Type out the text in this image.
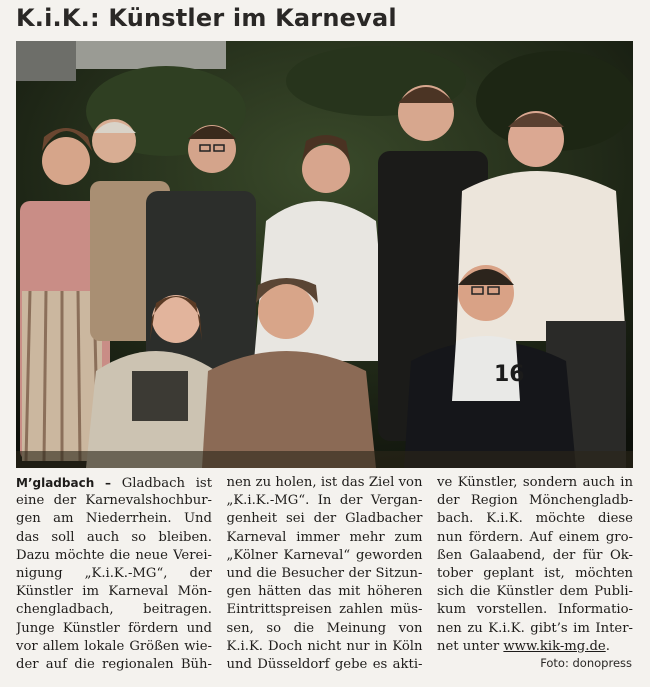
K.i.K.: Künstler im Karneval
16
M’gladbach – Gladbach ist
eine der Karnevalshochbur-
gen am Niederrhein. Und
das soll auch so bleiben.
Dazu möchte die neue Verei-
nigung „K.i.K.-MG“, der
Künstler im Karneval Mön-
chengladbach, beitragen.
Junge Künstler fördern und
vor allem lokale Größen wie-
der auf die regionalen Büh-
nen zu holen, ist das Ziel von
„K.i.K.-MG“. In der Vergan-
genheit sei der Gladbacher
Karneval immer mehr zum
„Kölner Karneval“ geworden
und die Besucher der Sitzun-
gen hätten das mit höheren
Eintrittspreisen zahlen müs-
sen, so die Meinung von
K.i.K. Doch nicht nur in Köln
und Düsseldorf gebe es akti-
ve Künstler, sondern auch in
der Region Mönchengladb-
bach. K.i.K. möchte diese
nun fördern. Auf einem gro-
ßen Galaabend, der für Ok-
tober geplant ist, möchten
sich die Künstler dem Publi-
kum vorstellen. Informatio-
nen zu K.i.K. gibt’s im Inter-
net unter www.kik-mg.de.
Foto: donopress
